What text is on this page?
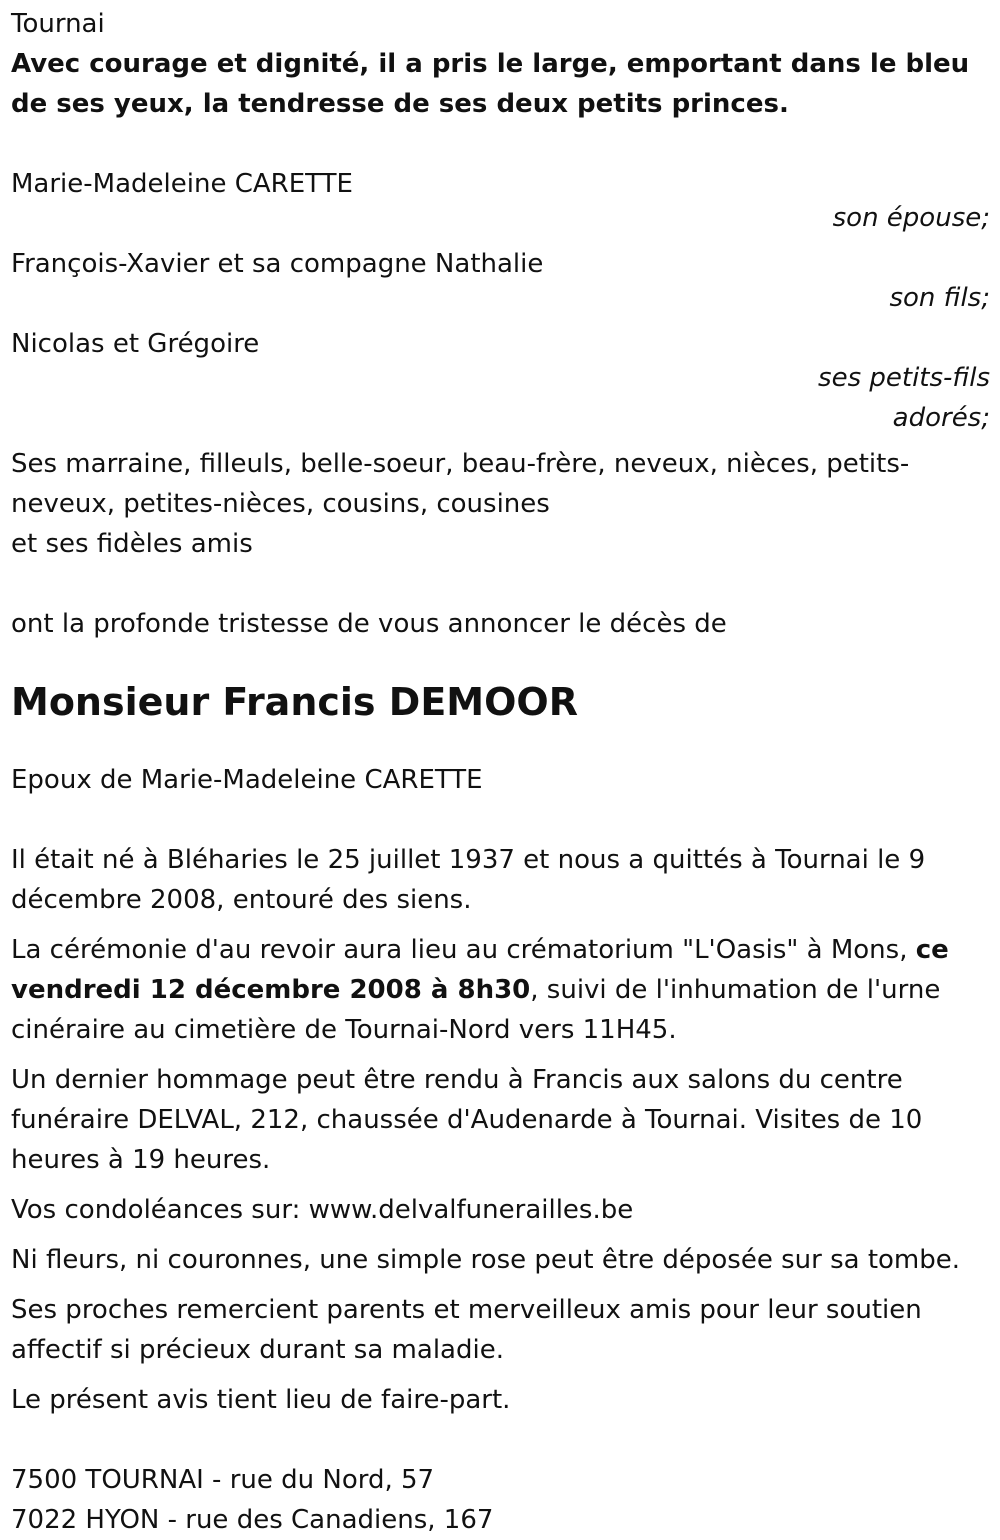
Tournai

Avec courage et dignité, il a pris le large, emportant dans le bleu de ses yeux, la tendresse de ses deux petits princes.

Marie-Madeleine CARETTE
son épouse;
François-Xavier et sa compagne Nathalie
son fils;
Nicolas et Grégoire
ses petits-fils adorés;

Ses marraine, filleuls, belle-soeur, beau-frère, neveux, nièces, petits-neveux, petites-nièces, cousins, cousines

et ses fidèles amis

ont la profonde tristesse de vous annoncer le décès de

Monsieur Francis DEMOOR

Epoux de Marie-Madeleine CARETTE

Il était né à Bléharies le 25 juillet 1937 et nous a quittés à Tournai le 9 décembre 2008, entouré des siens.

La cérémonie d'au revoir aura lieu au crématorium "L'Oasis" à Mons, ce vendredi 12 décembre 2008 à 8h30, suivi de l'inhumation de l'urne cinéraire au cimetière de Tournai-Nord vers 11H45.

Un dernier hommage peut être rendu à Francis aux salons du centre funéraire DELVAL, 212, chaussée d'Audenarde à Tournai. Visites de 10 heures à 19 heures.

Vos condoléances sur: www.delvalfunerailles.be

Ni fleurs, ni couronnes, une simple rose peut être déposée sur sa tombe.

Ses proches remercient parents et merveilleux amis pour leur soutien affectif si précieux durant sa maladie.

Le présent avis tient lieu de faire-part.

7500 TOURNAI - rue du Nord, 57

7022 HYON - rue des Canadiens, 167
